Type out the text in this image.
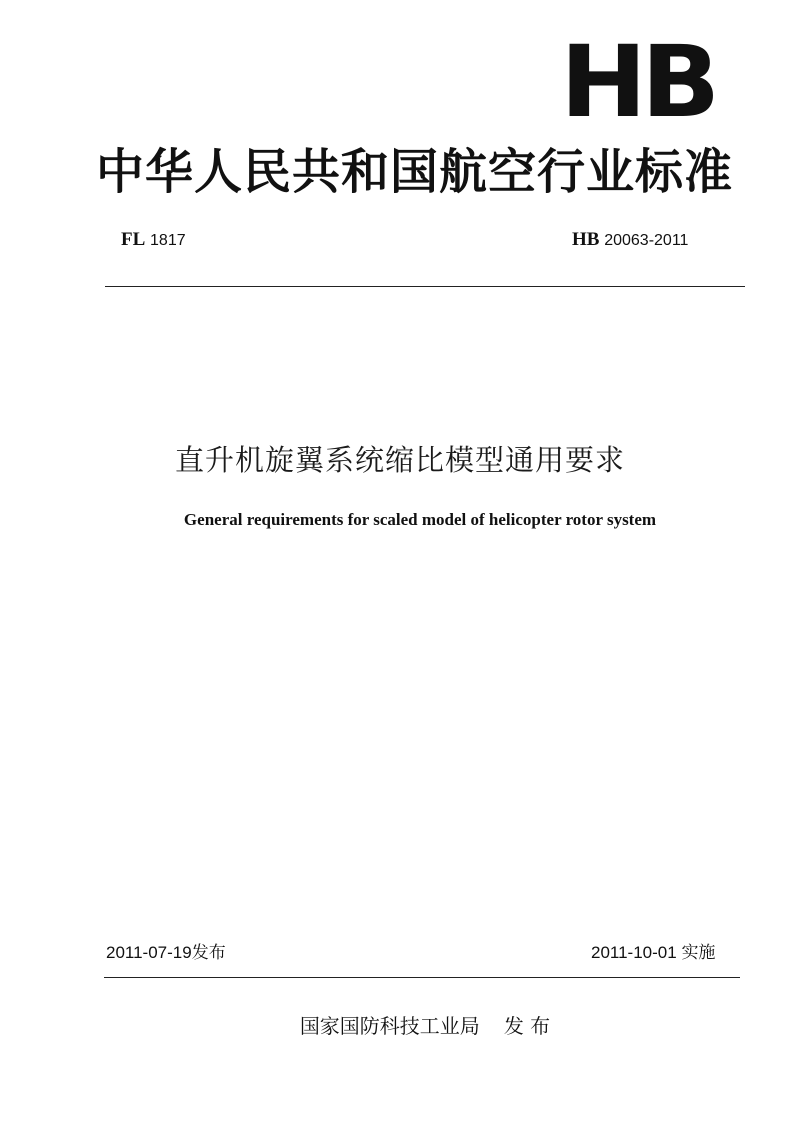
HB
中华人民共和国航空行业标准
FL 1817	HB 20063-2011
直升机旋翼系统缩比模型通用要求
General requirements for scaled model of helicopter rotor system
2011-07-19发布	2011-10-01 实施
国家国防科技工业局 发 布
